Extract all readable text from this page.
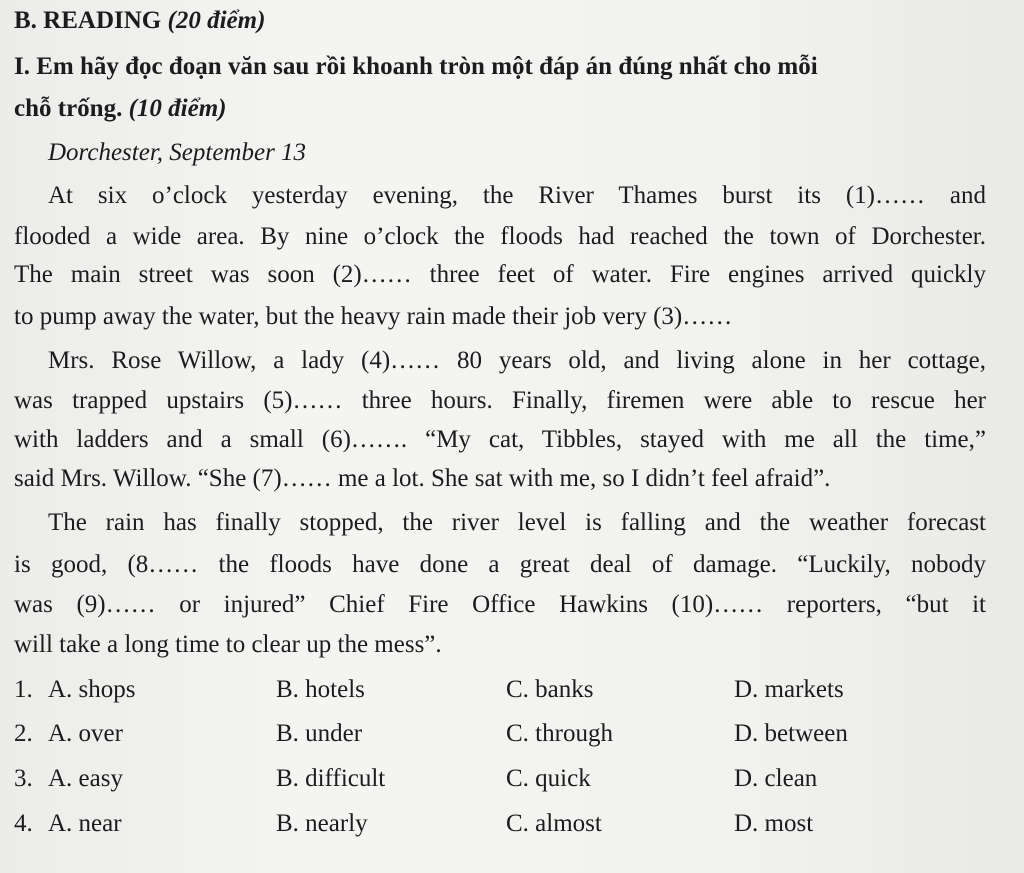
B. READING (20 điểm)
I. Em hãy đọc đoạn văn sau rồi khoanh tròn một đáp án đúng nhất cho mỗi
chỗ trống. (10 điểm)
Dorchester, September 13
At six o’clock yesterday evening, the River Thames burst its (1)…… and
flooded a wide area. By nine o’clock the floods had reached the town of Dorchester.
The main street was soon (2)…… three feet of water. Fire engines arrived quickly
to pump away the water, but the heavy rain made their job very (3)……
Mrs. Rose Willow, a lady (4)…… 80 years old, and living alone in her cottage,
was trapped upstairs (5)…… three hours. Finally, firemen were able to rescue her
with ladders and a small (6)……. “My cat, Tibbles, stayed with me all the time,”
said Mrs. Willow. “She (7)…… me a lot. She sat with me, so I didn’t feel afraid”.
The rain has finally stopped, the river level is falling and the weather forecast
is good, (8…… the floods have done a great deal of damage. “Luckily, nobody
was (9)…… or injured” Chief Fire Office Hawkins (10)…… reporters, “but it
will take a long time to clear up the mess”.
1. A. shops	B. hotels	C. banks	D. markets
2. A. over	B. under	C. through	D. between
3. A. easy	B. difficult	C. quick	D. clean
4. A. near	B. nearly	C. almost	D. most
